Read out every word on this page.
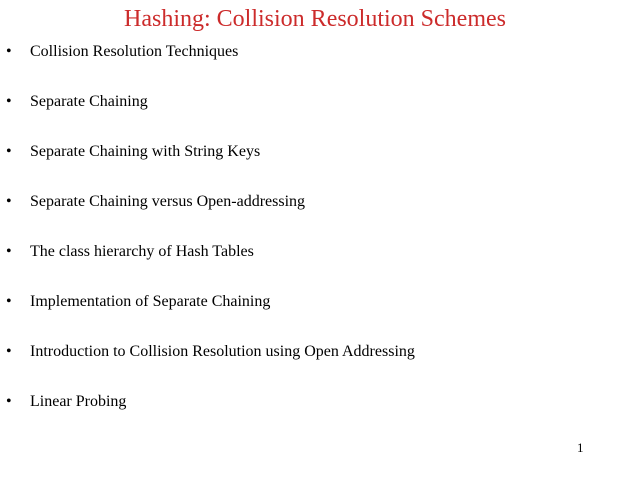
Hashing: Collision Resolution Schemes
• Collision Resolution Techniques
• Separate Chaining
• Separate Chaining with String Keys
• Separate Chaining versus Open-addressing
• The class hierarchy of Hash Tables
• Implementation of Separate Chaining
• Introduction to Collision Resolution using Open Addressing
• Linear Probing
1
